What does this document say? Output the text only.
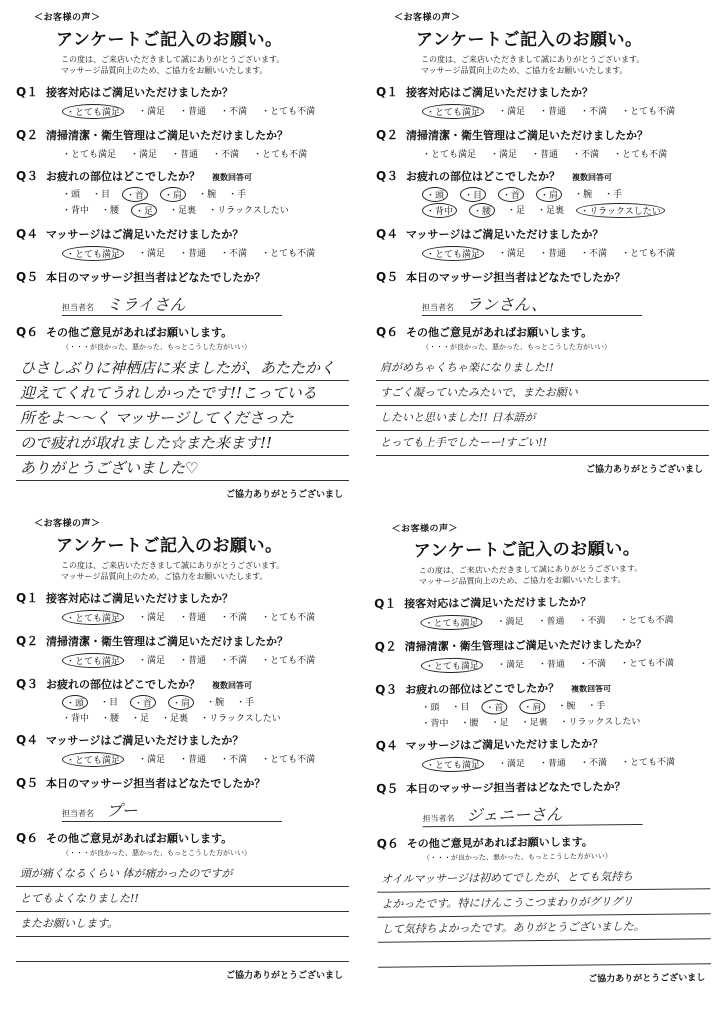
＜お客様の声＞
アンケートご記入のお願い。
この度は、ご来店いただきまして誠にありがとうございます。
マッサージ品質向上のため、ご協力をお願いいたします。
Q１ 接客対応はご満足いただけましたか？
・とても満足	・満足 ・普通 ・不満 ・とても不満
Q２ 清掃清潔・衛生管理はご満足いただけましたか？
・とても満足 ・満足 ・普通 ・不満 ・とても不満
Q３ お疲れの部位はどこでしたか？ 複数回答可
・頭 ・目	・首	・肩	・腕 ・手
・背中 ・腰	・足	・足裏 ・リラックスしたい
Q４ マッサージはご満足いただけましたか？
・とても満足	・満足 ・普通 ・不満 ・とても不満
Q５ 本日のマッサージ担当者はどなたでしたか？
担当者名 ミライさん
Q６ その他ご意見があればお願いします。
（・・・が良かった、悪かった、もっとこうした方がいい）
ひさしぶりに神栖店に来ましたが、あたたかく
迎えてくれてうれしかったです!!こっている
所をよ〜〜く マッサージしてくださった
ので疲れが取れました☆また来ます!!
ありがとうございました♡
ご協力ありがとうございまし
＜お客様の声＞
アンケートご記入のお願い。
この度は、ご来店いただきまして誠にありがとうございます。
マッサージ品質向上のため、ご協力をお願いいたします。
Q１ 接客対応はご満足いただけましたか？
・とても満足	・満足 ・普通 ・不満 ・とても不満
Q２ 清掃清潔・衛生管理はご満足いただけましたか？
・とても満足 ・満足 ・普通 ・不満 ・とても不満
Q３ お疲れの部位はどこでしたか？ 複数回答可
・頭	・目	・首	・肩	・腕 ・手
・背中	・腰	・足 ・足裏	・リラックスしたい
Q４ マッサージはご満足いただけましたか？
・とても満足	・満足 ・普通 ・不満 ・とても不満
Q５ 本日のマッサージ担当者はどなたでしたか？
担当者名 ランさん、
Q６ その他ご意見があればお願いします。
（・・・が良かった、悪かった、もっとこうした方がいい）
肩がめちゃくちゃ楽になりました!!
すごく凝っていたみたいで、またお願い
したいと思いました!! 日本語が
とっても上手でしたーー!すごい!!
ご協力ありがとうございまし
＜お客様の声＞
アンケートご記入のお願い。
この度は、ご来店いただきまして誠にありがとうございます。
マッサージ品質向上のため、ご協力をお願いいたします。
Q１ 接客対応はご満足いただけましたか？
・とても満足	・満足 ・普通 ・不満 ・とても不満
Q２ 清掃清潔・衛生管理はご満足いただけましたか？
・とても満足	・満足 ・普通 ・不満 ・とても不満
Q３ お疲れの部位はどこでしたか？ 複数回答可
・頭	・目	・首	・肩	・腕 ・手
・背中 ・腰 ・足 ・足裏 ・リラックスしたい
Q４ マッサージはご満足いただけましたか？
・とても満足	・満足 ・普通 ・不満 ・とても不満
Q５ 本日のマッサージ担当者はどなたでしたか？
担当者名 プー
Q６ その他ご意見があればお願いします。
（・・・が良かった、悪かった、もっとこうした方がいい）
頭が痛くなるくらい 体が痛かったのですが
とてもよくなりました!!
またお願いします。
ご協力ありがとうございまし
＜お客様の声＞
アンケートご記入のお願い。
この度は、ご来店いただきまして誠にありがとうございます。
マッサージ品質向上のため、ご協力をお願いいたします。
Q１ 接客対応はご満足いただけましたか？
・とても満足	・満足 ・普通 ・不満 ・とても不満
Q２ 清掃清潔・衛生管理はご満足いただけましたか？
・とても満足	・満足 ・普通 ・不満 ・とても不満
Q３ お疲れの部位はどこでしたか？ 複数回答可
・頭 ・目	・首	・肩	・腕 ・手
・背中 ・腰 ・足 ・足裏 ・リラックスしたい
Q４ マッサージはご満足いただけましたか？
・とても満足	・満足 ・普通 ・不満 ・とても不満
Q５ 本日のマッサージ担当者はどなたでしたか？
担当者名 ジェニーさん
Q６ その他ご意見があればお願いします。
（・・・が良かった、悪かった、もっとこうした方がいい）
オイルマッサージは初めてでしたが、とても気持ち
よかったです。特にけんこうこつまわりがグリグリ
して気持ちよかったです。ありがとうございました。
ご協力ありがとうございまし
